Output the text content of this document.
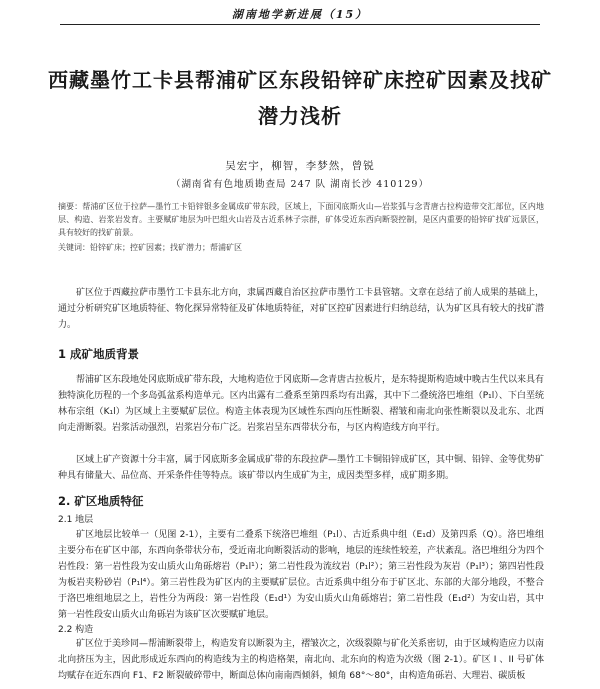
湖南地学新进展（15）
西藏墨竹工卡县帮浦矿区东段铅锌矿床控矿因素及找矿
潜力浅析
吴宏宇，柳智，李梦然，曾锐
（湖南省有色地质勘查局 247 队 湖南长沙 410129）
摘要：帮浦矿区位于拉萨—墨竹工卡铅锌银多金属成矿带东段，区域上，下面冈底斯火山—岩浆弧与念青唐古拉构造带交汇部位，区内地层、构造、岩浆岩发育。主要赋矿地层为叶巴组火山岩及古近系林子宗群，矿体受近东西向断裂控制，是区内重要的铅锌矿找矿远景区，具有较好的找矿前景。
关键词：铅锌矿床；控矿因素；找矿潜力；帮浦矿区
矿区位于西藏拉萨市墨竹工卡县东北方向，隶属西藏自治区拉萨市墨竹工卡县管辖。文章在总结了前人成果的基础上，通过分析研究矿区地质特征、物化探异常特征及矿体地质特征，对矿区控矿因素进行归纳总结，认为矿区具有较大的找矿潜力。
1 成矿地质背景
帮浦矿区东段地处冈底斯成矿带东段，大地构造位于冈底斯—念青唐古拉板片，是东特提斯构造域中晚古生代以来具有独特演化历程的一个多岛弧盆系构造单元。区内出露有二叠系至第四系均有出露，其中下二叠统洛巴堆组（P₁l）、下白垩统林布宗组（K₁l）为区域上主要赋矿层位。构造主体表现为区域性东西向压性断裂、褶皱和南北向张性断裂以及北东、北西向走滑断裂。岩浆活动强烈，岩浆岩分布广泛。岩浆岩呈东西带状分布，与区内构造线方向平行。
区域上矿产资源十分丰富，属于冈底斯多金属成矿带的东段拉萨—墨竹工卡铜铅锌成矿区，其中铜、铅锌、金等优势矿种具有储量大、品位高、开采条件佳等特点。该矿带以内生成矿为主，成因类型多样，成矿期多期。
2. 矿区地质特征
2.1 地层
矿区地层比较单一（见图 2-1），主要有二叠系下统洛巴堆组（P₁l）、古近系典中组（E₁d）及第四系（Q）。洛巴堆组主要分布在矿区中部，东西向条带状分布，受近南北向断裂活动的影响，地层的连续性较差，产状紊乱。洛巴堆组分为四个岩性段：第一岩性段为安山质火山角砾熔岩（P₁l¹）；第二岩性段为流纹岩（P₁l²）；第三岩性段为灰岩（P₁l³）；第四岩性段为板岩夹粉砂岩（P₁l⁴）。第三岩性段为矿区内的主要赋矿层位。古近系典中组分布于矿区北、东部的大部分地段，不整合于洛巴堆组地层之上，岩性分为两段：第一岩性段（E₁d¹）为安山质火山角砾熔岩；第二岩性段（E₁d²）为安山岩，其中第一岩性段安山质火山角砾岩为该矿区次要赋矿地层。
2.2 构造
矿区位于美珍同—帮浦断裂带上，构造发育以断裂为主，褶皱次之，次级裂隙与矿化关系密切，由于区域构造应力以南北向挤压为主，因此形成近东西向的构造线为主的构造格架，南北向、北东向的构造为次级（图 2-1）。矿区 I 、II 号矿体均赋存在近东西向 F1、F2 断裂破碎带中，断面总体向南南西倾斜，倾角 68°～80°，由构造角砾岩、大理岩、碳质板
